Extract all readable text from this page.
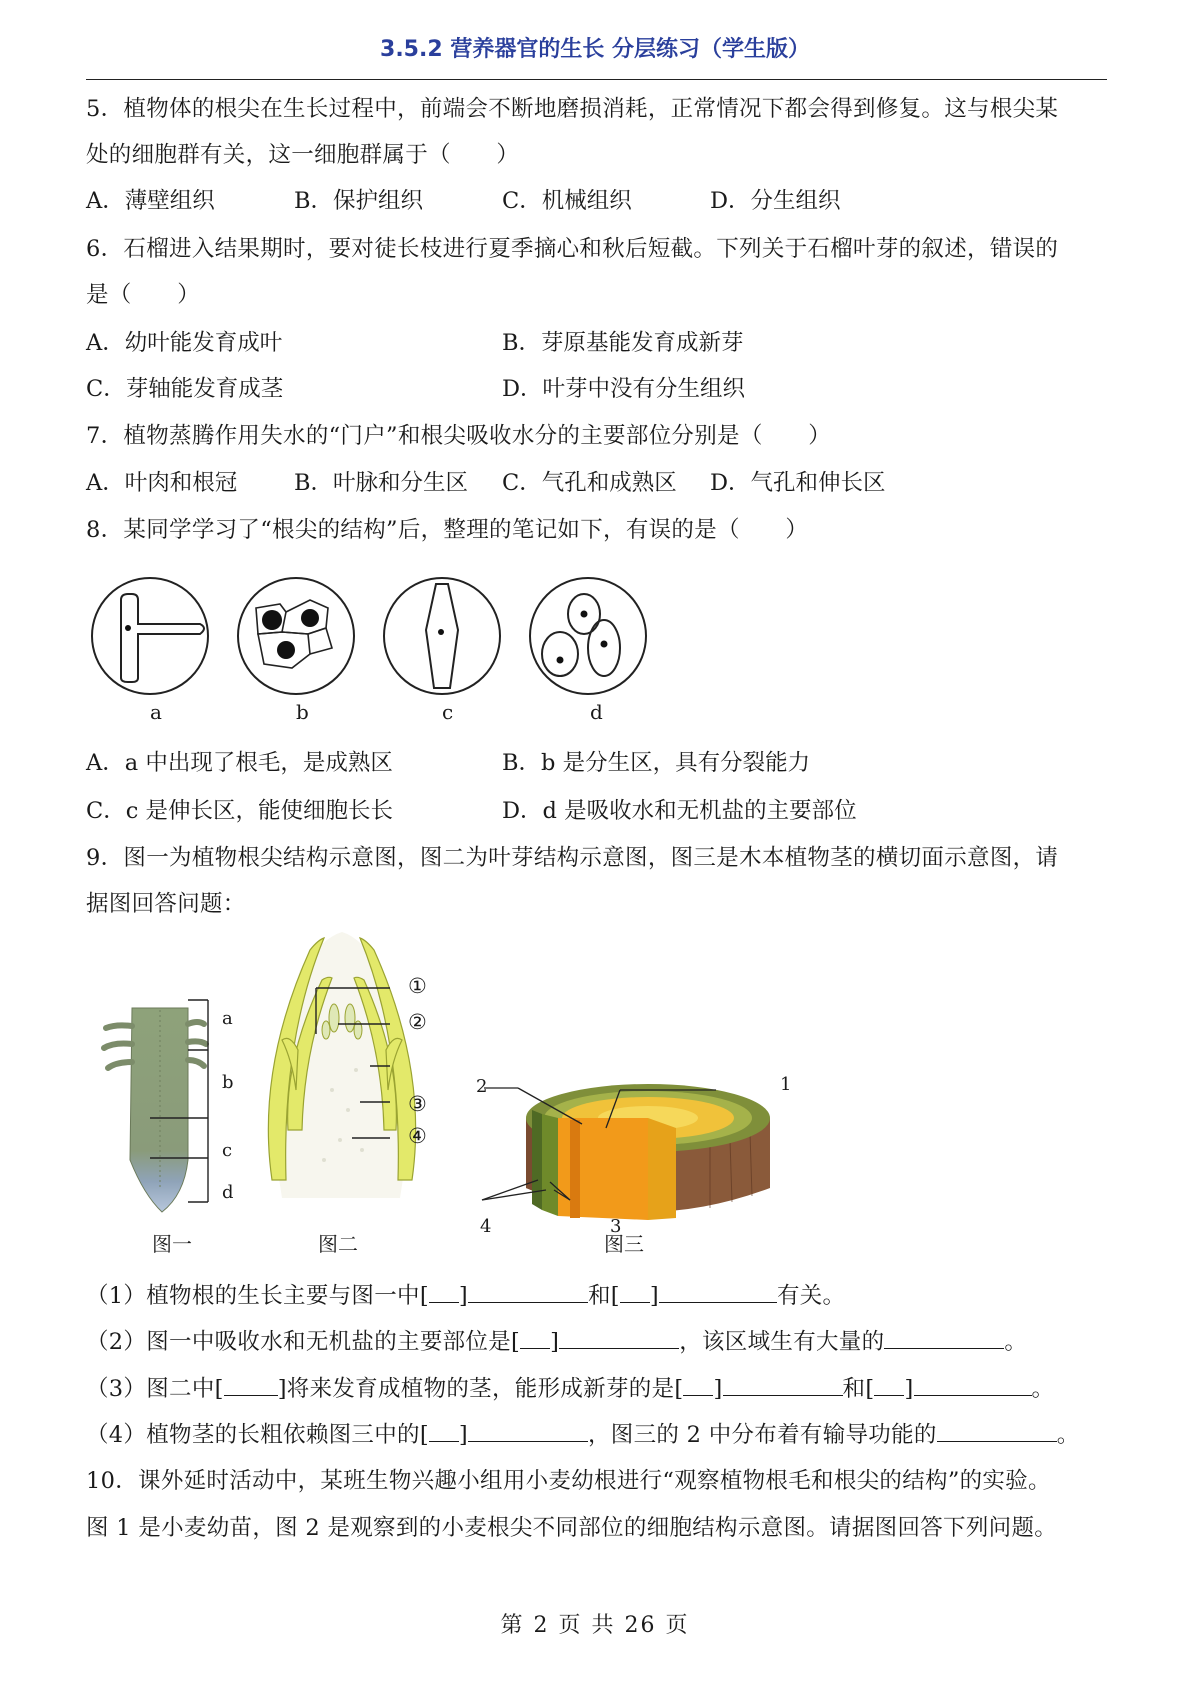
3.5.2 营养器官的生长 分层练习（学生版）
5．植物体的根尖在生长过程中，前端会不断地磨损消耗，正常情况下都会得到修复。这与根尖某
处的细胞群有关，这一细胞群属于（　　）
A．薄壁组织	B．保护组织	C．机械组织	D．分生组织
6．石榴进入结果期时，要对徒长枝进行夏季摘心和秋后短截。下列关于石榴叶芽的叙述，错误的
是（　　）
A．幼叶能发育成叶	B．芽原基能发育成新芽
C．芽轴能发育成茎	D．叶芽中没有分生组织
7．植物蒸腾作用失水的“门户”和根尖吸收水分的主要部位分别是（　　）
A．叶肉和根冠	B．叶脉和分生区 C．气孔和成熟区 D．气孔和伸长区
8．某同学学习了“根尖的结构”后，整理的笔记如下，有误的是（　　）
a	b	c	d
A．a 中出现了根毛，是成熟区	B．b 是分生区，具有分裂能力
C．c 是伸长区，能使细胞长长	D．d 是吸收水和无机盐的主要部位
9．图一为植物根尖结构示意图，图二为叶芽结构示意图，图三是木本植物茎的横切面示意图，请
据图回答问题：
a
b
c
d
图一
①
②
③
④
图二
1
2
3
4
图三
（1）植物根的生长主要与图一中[ ]	和[ ]	有关。
（2）图一中吸收水和无机盐的主要部位是[ ]	，该区域生有大量的	。
（3）图二中[ ]将来发育成植物的茎，能形成新芽的是[ ]	和[ ]	。
（4）植物茎的长粗依赖图三中的[ ]	，图三的 2 中分布着有输导功能的	。
10．课外延时活动中，某班生物兴趣小组用小麦幼根进行“观察植物根毛和根尖的结构”的实验。
图 1 是小麦幼苗，图 2 是观察到的小麦根尖不同部位的细胞结构示意图。请据图回答下列问题。
第 2 页 共 26 页
